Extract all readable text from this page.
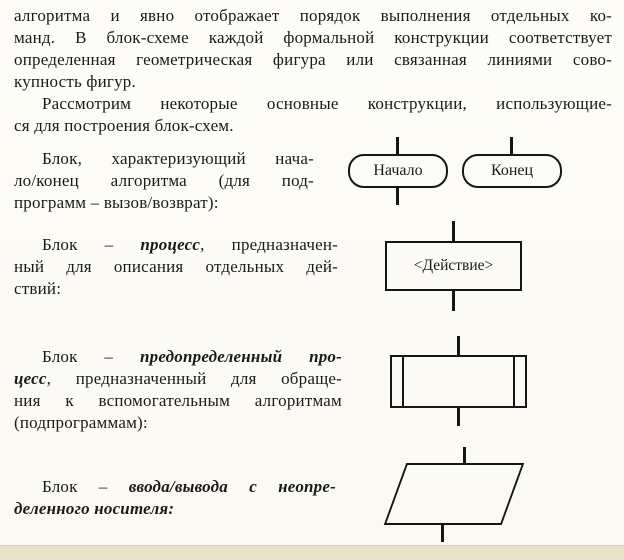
алгоритма и явно отображает порядок выполнения отдельных ко-
манд. В блок-схеме каждой формальной конструкции соответствует
определенная геометрическая фигура или связанная линиями сово-
купность фигур.
Рассмотрим некоторые основные конструкции, использующие-
ся для построения блок-схем.
Блок, характеризующий нача-
ло/конец алгоритма (для под-
программ – вызов/возврат):
Блок – процесс, предназначен-
ный для описания отдельных дей-
ствий:
Блок – предопределенный про-
цесс, предназначенный для обраще-
ния к вспомогательным алгоритмам
(подпрограммам):
Блок – ввода/вывода с неопре-
деленного носителя:
Начало	Конец
<Действие>
